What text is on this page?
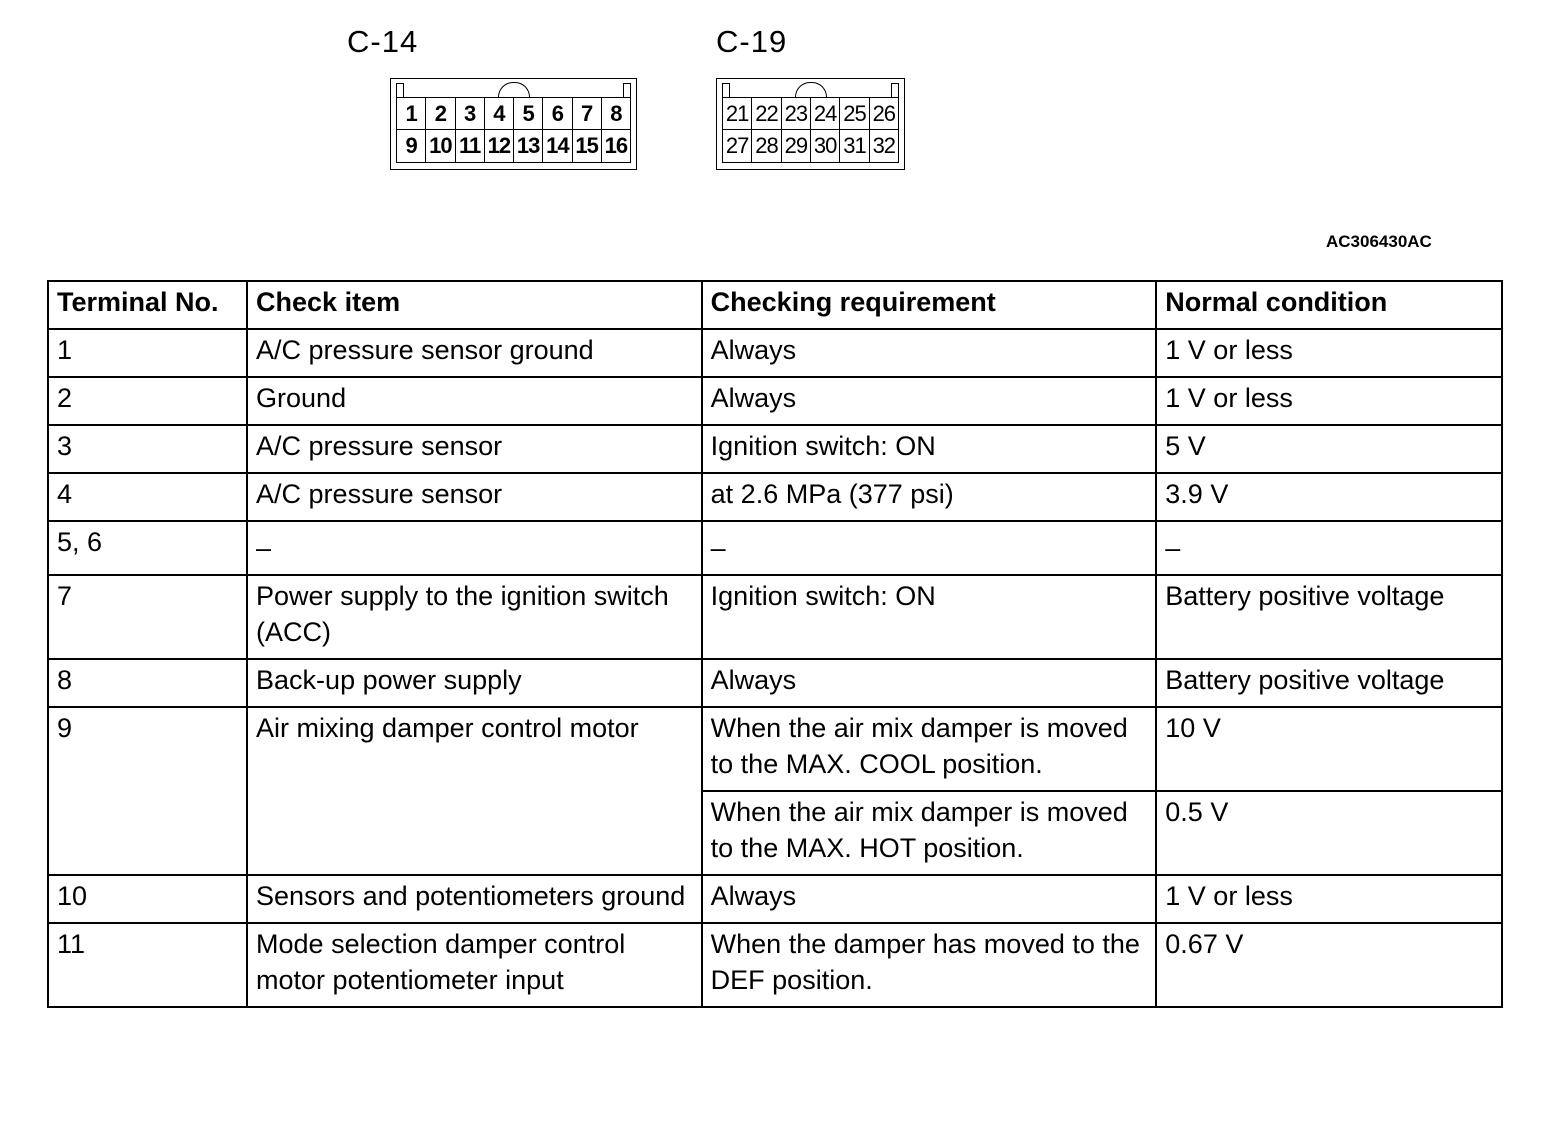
C-14
1 2 3 4 5 6 7 8
9 10 11 12 13 14 15 16
C-19
21 22 23 24 25 26
27 28 29 30 31 32
AC306430AC
Terminal No.	Check item	Checking requirement	Normal condition
1	A/C pressure sensor ground	Always	1 V or less
2	Ground	Always	1 V or less
3	A/C pressure sensor	Ignition switch: ON	5 V
4	A/C pressure sensor	at 2.6 MPa (377 psi)	3.9 V
5, 6	–	–	–
7	Power supply to the ignition switch (ACC)	Ignition switch: ON	Battery positive voltage
8	Back-up power supply	Always	Battery positive voltage
9	Air mixing damper control motor	When the air mix damper is moved to the MAX. COOL position.	10 V
		When the air mix damper is moved to the MAX. HOT position.	0.5 V
10	Sensors and potentiometers ground	Always	1 V or less
11	Mode selection damper control motor potentiometer input	When the damper has moved to the DEF position.	0.67 V
